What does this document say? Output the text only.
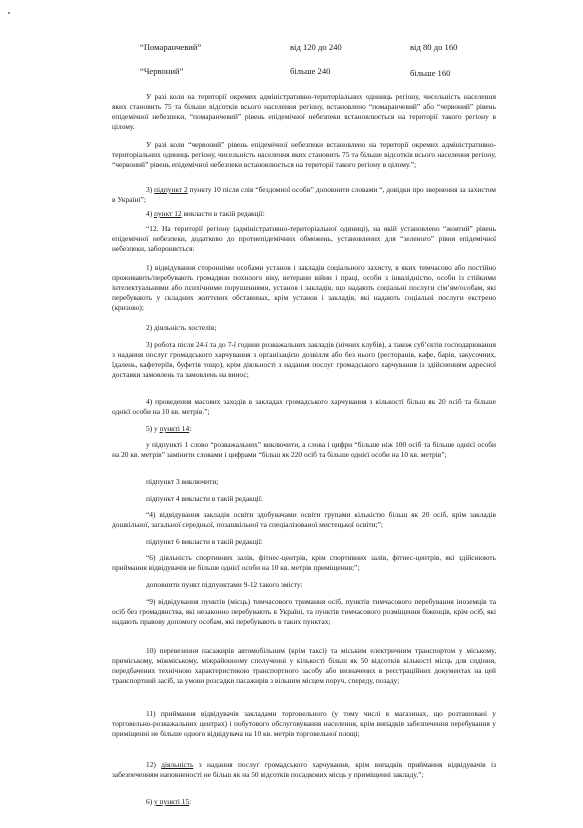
“Помаранчевий”	від 120 до 240	від 80 до 160
“Червоний”	більше 240	більше 160
У разі коли на території окремих адміністративно-територіальних одиниць регіону, чисельність населення яких становить 75 та більше відсотків всього населення регіону, встановлено “помаранчевий” або “червоний” рівень епідемічної небезпеки, “помаранчевий” рівень епідемічної небезпеки встановлюється на території такого регіону в цілому.
У разі коли “червоний” рівень епідемічної небезпеки встановлено на території окремих адміністративно-територіальних одиниць регіону, чисельність населення яких становить 75 та більше відсотків всього населення регіону, “червоний” рівень епідемічної небезпеки встановлюється на території такого регіону в цілому.”;
3) підпункт 2 пункту 10 після слів “бездомної особи” доповнити словами “, довідки про звернення за захистом в Україні”;
4) пункт 12 викласти в такій редакції:
“12. На території регіону (адміністративно-територіальної одиниці), на якій установлено “жовтий” рівень епідемічної небезпеки, додатково до протиепідемічних обмежень, установлених для “зеленого” рівня епідемічної небезпеки, забороняється:
1) відвідування сторонніми особами установ і закладів соціального захисту, в яких тимчасово або постійно проживають/перебувають громадяни похилого віку, ветерани війни і праці, особи з інвалідністю, особи із стійкими інтелектуальними або психічними порушеннями, установ і закладів, що надають соціальні послуги сім’ям/особам, які перебувають у складних життєвих обставинах, крім установ і закладів, які надають соціальні послуги екстрено (кризово);
2) діяльність хостелів;
3) робота після 24-ї та до 7-ї години розважальних закладів (нічних клубів), а також суб’єктів господарювання з надання послуг громадського харчування з організацією дозвілля або без нього (ресторанів, кафе, барів, закусочних, їдалень, кафетеріїв, буфетів тощо), крім діяльності з надання послуг громадського харчування із здійсненням адресної доставки замовлень та замовлень на винос;
4) проведення масових заходів в закладах громадського харчування з кількості більш як 20 осіб та більше однієї особи на 10 кв. метрів.”;
5) у пункті 14:
у підпункті 1 слово “розважальних” виключити, а слова і цифри “більше ніж 100 осіб та більше однієї особи на 20 кв. метрів” замінити словами і цифрами “більш як 220 осіб та більше однієї особи на 10 кв. метрів”;
підпункт 3 виключити;
підпункт 4 викласти в такій редакції:
“4) відвідування закладів освіти здобувачами освіти групами кількістю більш як 20 осіб, крім закладів дошкільної, загальної середньої, позашкільної та спеціалізованої мистецької освіти;”;
підпункт 6 викласти в такій редакції:
“6) діяльність спортивних залів, фітнес-центрів, крім спортивних залів, фітнес-центрів, які здійснюють приймання відвідувачів не більше однієї особи на 10 кв. метрів приміщення;”;
доповнити пункт підпунктами 9-12 такого змісту:
“9) відвідування пунктів (місць) тимчасового тримання осіб, пунктів тимчасового перебування іноземців та осіб без громадянства, які незаконно перебувають в Україні, та пунктів тимчасового розміщення біженців, крім осіб, які надають правову допомогу особам, які перебувають в таких пунктах;
10) перевезення пасажирів автомобільним (крім таксі) та міським електричним транспортом у міському, приміському, міжміському, міжрайонному сполученні у кількості більш як 50 відсотків кількості місць для сидіння, передбачених технічною характеристикою транспортного засобу або визначених в реєстраційних документах на цей транспортний засіб, за умови розсадки пасажирів з вільним місцем поруч, спереду, позаду;
11) приймання відвідувачів закладами торговельного (у тому числі в магазинах, що розташовані у торговельно-розважальних центрах) і побутового обслуговування населення, крім випадків забезпечення перебування у приміщенні не більше одного відвідувача на 10 кв. метрів торговельної площі;
12) діяльність з надання послуг громадського харчування, крім випадків приймання відвідувачів із забезпеченням наповненості не більш як на 50 відсотків посадкових місць у приміщенні закладу.”;
6) у пункті 15:
